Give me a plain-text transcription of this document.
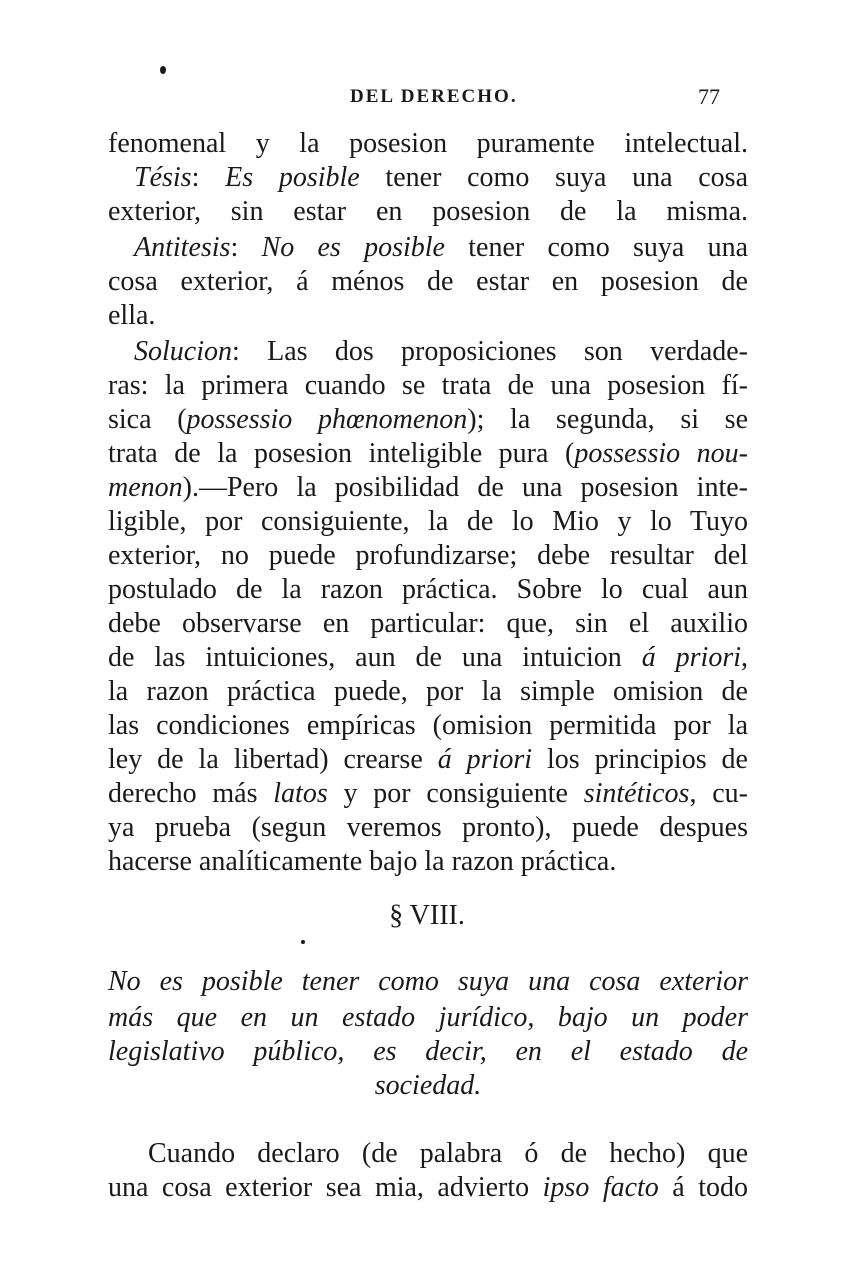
DEL DERECHO.	77
fenomenal y la posesion puramente intelectual.
Tésis: Es posible tener como suya una cosa
exterior, sin estar en posesion de la misma.
Antitesis: No es posible tener como suya una
cosa exterior, á ménos de estar en posesion de
ella.
Solucion: Las dos proposiciones son verdade-
ras: la primera cuando se trata de una posesion fí-
sica (possessio phœnomenon); la segunda, si se
trata de la posesion inteligible pura (possessio nou-
menon).—Pero la posibilidad de una posesion inte-
ligible, por consiguiente, la de lo Mio y lo Tuyo
exterior, no puede profundizarse; debe resultar del
postulado de la razon práctica. Sobre lo cual aun
debe observarse en particular: que, sin el auxilio
de las intuiciones, aun de una intuicion á priori,
la razon práctica puede, por la simple omision de
las condiciones empíricas (omision permitida por la
ley de la libertad) crearse á priori los principios de
derecho más latos y por consiguiente sintéticos, cu-
ya prueba (segun veremos pronto), puede despues
hacerse analíticamente bajo la razon práctica.
§ VIII.
No es posible tener como suya una cosa exterior
más que en un estado jurídico, bajo un poder
legislativo público, es decir, en el estado de
sociedad.
Cuando declaro (de palabra ó de hecho) que
una cosa exterior sea mia, advierto ipso facto á todo
